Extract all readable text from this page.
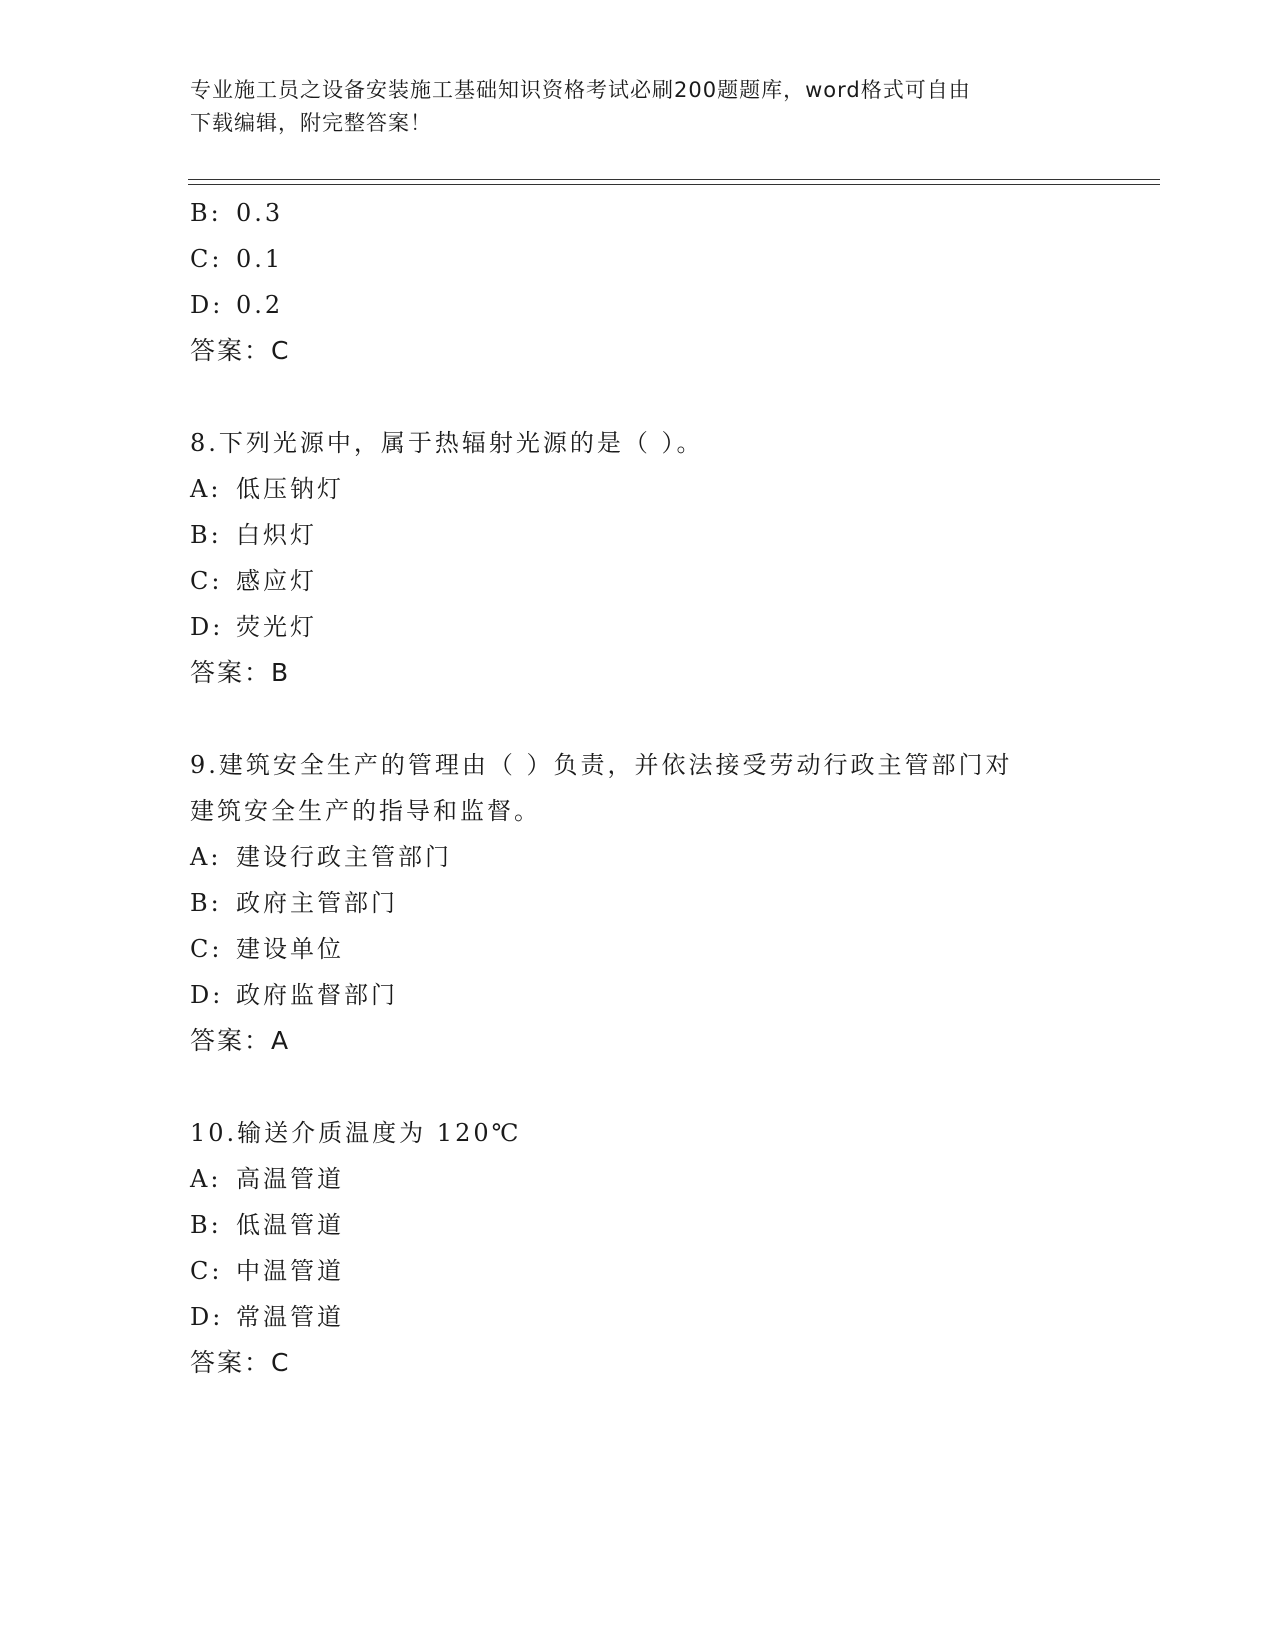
专业施工员之设备安装施工基础知识资格考试必刷200题题库，word格式可自由
下载编辑，附完整答案！
B: 0.3
C: 0.1
D: 0.2
答案：C
8.下列光源中，属于热辐射光源的是（ ）。
A: 低压钠灯
B: 白炽灯
C: 感应灯
D: 荧光灯
答案：B
9.建筑安全生产的管理由（ ）负责，并依法接受劳动行政主管部门对
建筑安全生产的指导和监督。
A: 建设行政主管部门
B: 政府主管部门
C: 建设单位
D: 政府监督部门
答案：A
10.输送介质温度为 120℃
A: 高温管道
B: 低温管道
C: 中温管道
D: 常温管道
答案：C
